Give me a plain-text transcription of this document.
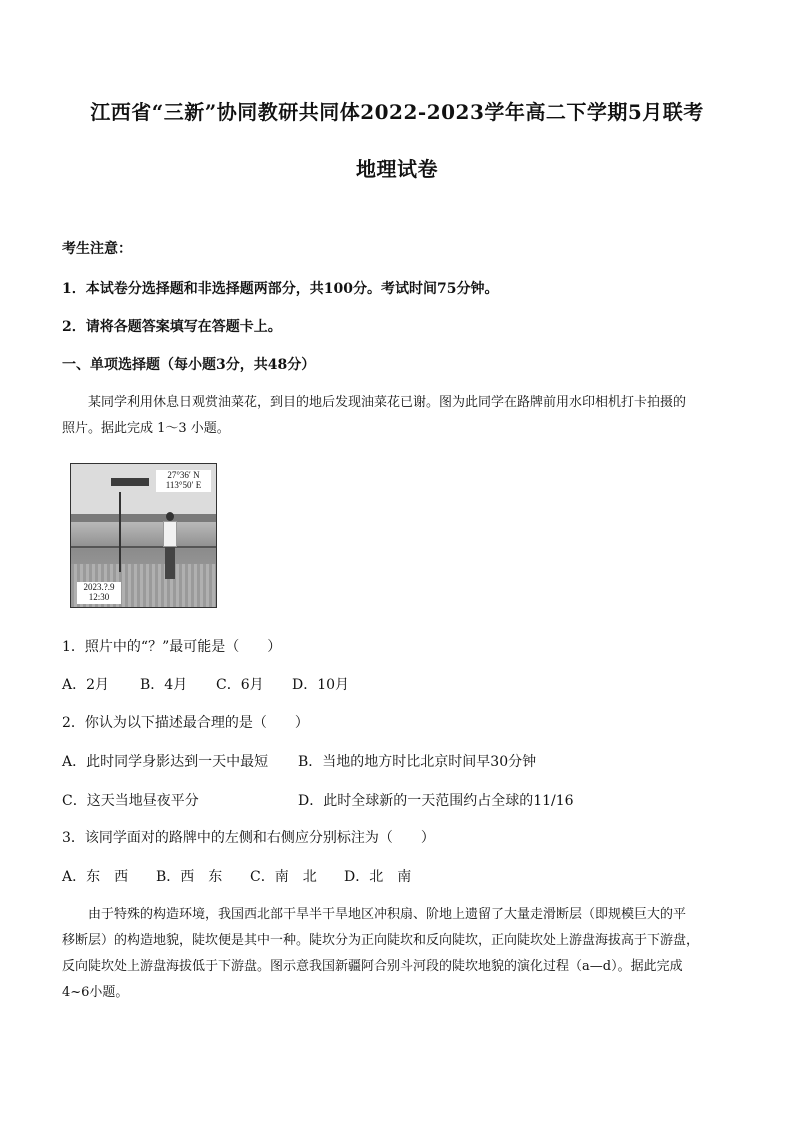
江西省“三新”协同教研共同体2022-2023学年高二下学期5月联考
地理试卷
考生注意：
1．本试卷分选择题和非选择题两部分，共100分。考试时间75分钟。
2．请将各题答案填写在答题卡上。
一、单项选择题（每小题3分，共48分）
某同学利用休息日观赏油菜花，到目的地后发现油菜花已谢。图为此同学在路牌前用水印相机打卡拍摄的
照片。据此完成 1～3 小题。
27°36′ N
113°50′ E
2023.?.9
12:30
1．照片中的“？”最可能是（　　）
A．2月 B．4月 C．6月 D．10月
2．你认为以下描述最合理的是（　　）
A．此时同学身影达到一天中最短 B．当地的地方时比北京时间早30分钟
C．这天当地昼夜平分	D．此时全球新的一天范围约占全球的11/16
3．该同学面对的路牌中的左侧和右侧应分别标注为（　　）
A．东　西 B．西　东 C．南　北 D．北　南
由于特殊的构造环境，我国西北部干旱半干旱地区冲积扇、阶地上遗留了大量走滑断层（即规模巨大的平
移断层）的构造地貌，陡坎便是其中一种。陡坎分为正向陡坎和反向陡坎，正向陡坎处上游盘海拔高于下游盘，
反向陡坎处上游盘海拔低于下游盘。图示意我国新疆阿合别斗河段的陡坎地貌的演化过程（a—d）。据此完成
4~6小题。
